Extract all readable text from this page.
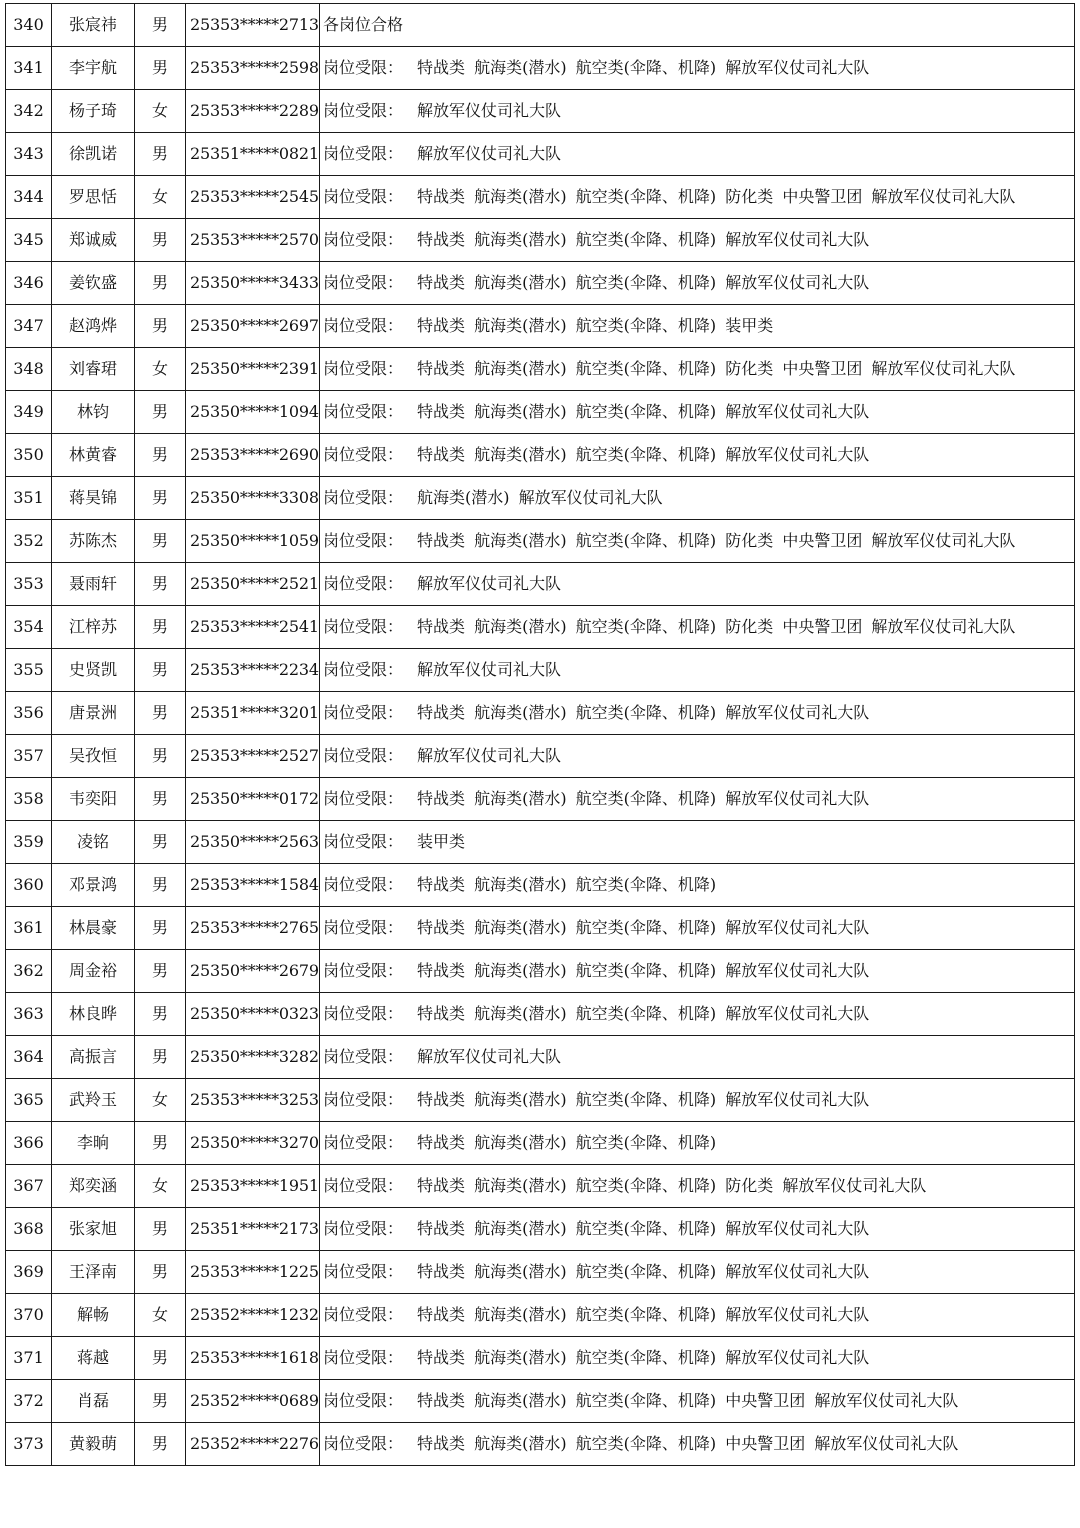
340	张宸祎	男	25353*****2713	各岗位合格
341	李宇航	男	25353*****2598	岗位受限： 特战类 航海类(潜水) 航空类(伞降、机降) 解放军仪仗司礼大队
342	杨子琦	女	25353*****2289	岗位受限： 解放军仪仗司礼大队
343	徐凯诺	男	25351*****0821	岗位受限： 解放军仪仗司礼大队
344	罗思恬	女	25353*****2545	岗位受限： 特战类 航海类(潜水) 航空类(伞降、机降) 防化类 中央警卫团 解放军仪仗司礼大队
345	郑诚威	男	25353*****2570	岗位受限： 特战类 航海类(潜水) 航空类(伞降、机降) 解放军仪仗司礼大队
346	姜钦盛	男	25350*****3433	岗位受限： 特战类 航海类(潜水) 航空类(伞降、机降) 解放军仪仗司礼大队
347	赵鸿烨	男	25350*****2697	岗位受限： 特战类 航海类(潜水) 航空类(伞降、机降) 装甲类
348	刘睿珺	女	25350*****2391	岗位受限： 特战类 航海类(潜水) 航空类(伞降、机降) 防化类 中央警卫团 解放军仪仗司礼大队
349	林钧	男	25350*****1094	岗位受限： 特战类 航海类(潜水) 航空类(伞降、机降) 解放军仪仗司礼大队
350	林黄睿	男	25353*****2690	岗位受限： 特战类 航海类(潜水) 航空类(伞降、机降) 解放军仪仗司礼大队
351	蒋昊锦	男	25350*****3308	岗位受限： 航海类(潜水) 解放军仪仗司礼大队
352	苏陈杰	男	25350*****1059	岗位受限： 特战类 航海类(潜水) 航空类(伞降、机降) 防化类 中央警卫团 解放军仪仗司礼大队
353	聂雨轩	男	25350*****2521	岗位受限： 解放军仪仗司礼大队
354	江梓苏	男	25353*****2541	岗位受限： 特战类 航海类(潜水) 航空类(伞降、机降) 防化类 中央警卫团 解放军仪仗司礼大队
355	史贤凯	男	25353*****2234	岗位受限： 解放军仪仗司礼大队
356	唐景洲	男	25351*****3201	岗位受限： 特战类 航海类(潜水) 航空类(伞降、机降) 解放军仪仗司礼大队
357	吴孜恒	男	25353*****2527	岗位受限： 解放军仪仗司礼大队
358	韦奕阳	男	25350*****0172	岗位受限： 特战类 航海类(潜水) 航空类(伞降、机降) 解放军仪仗司礼大队
359	凌铭	男	25350*****2563	岗位受限： 装甲类
360	邓景鸿	男	25353*****1584	岗位受限： 特战类 航海类(潜水) 航空类(伞降、机降)
361	林晨豪	男	25353*****2765	岗位受限： 特战类 航海类(潜水) 航空类(伞降、机降) 解放军仪仗司礼大队
362	周金裕	男	25350*****2679	岗位受限： 特战类 航海类(潜水) 航空类(伞降、机降) 解放军仪仗司礼大队
363	林良晔	男	25350*****0323	岗位受限： 特战类 航海类(潜水) 航空类(伞降、机降) 解放军仪仗司礼大队
364	高振言	男	25350*****3282	岗位受限： 解放军仪仗司礼大队
365	武羚玉	女	25353*****3253	岗位受限： 特战类 航海类(潜水) 航空类(伞降、机降) 解放军仪仗司礼大队
366	李晌	男	25350*****3270	岗位受限： 特战类 航海类(潜水) 航空类(伞降、机降)
367	郑奕涵	女	25353*****1951	岗位受限： 特战类 航海类(潜水) 航空类(伞降、机降) 防化类 解放军仪仗司礼大队
368	张家旭	男	25351*****2173	岗位受限： 特战类 航海类(潜水) 航空类(伞降、机降) 解放军仪仗司礼大队
369	王泽南	男	25353*****1225	岗位受限： 特战类 航海类(潜水) 航空类(伞降、机降) 解放军仪仗司礼大队
370	解畅	女	25352*****1232	岗位受限： 特战类 航海类(潜水) 航空类(伞降、机降) 解放军仪仗司礼大队
371	蒋越	男	25353*****1618	岗位受限： 特战类 航海类(潜水) 航空类(伞降、机降) 解放军仪仗司礼大队
372	肖磊	男	25352*****0689	岗位受限： 特战类 航海类(潜水) 航空类(伞降、机降) 中央警卫团 解放军仪仗司礼大队
373	黄毅萌	男	25352*****2276	岗位受限： 特战类 航海类(潜水) 航空类(伞降、机降) 中央警卫团 解放军仪仗司礼大队
